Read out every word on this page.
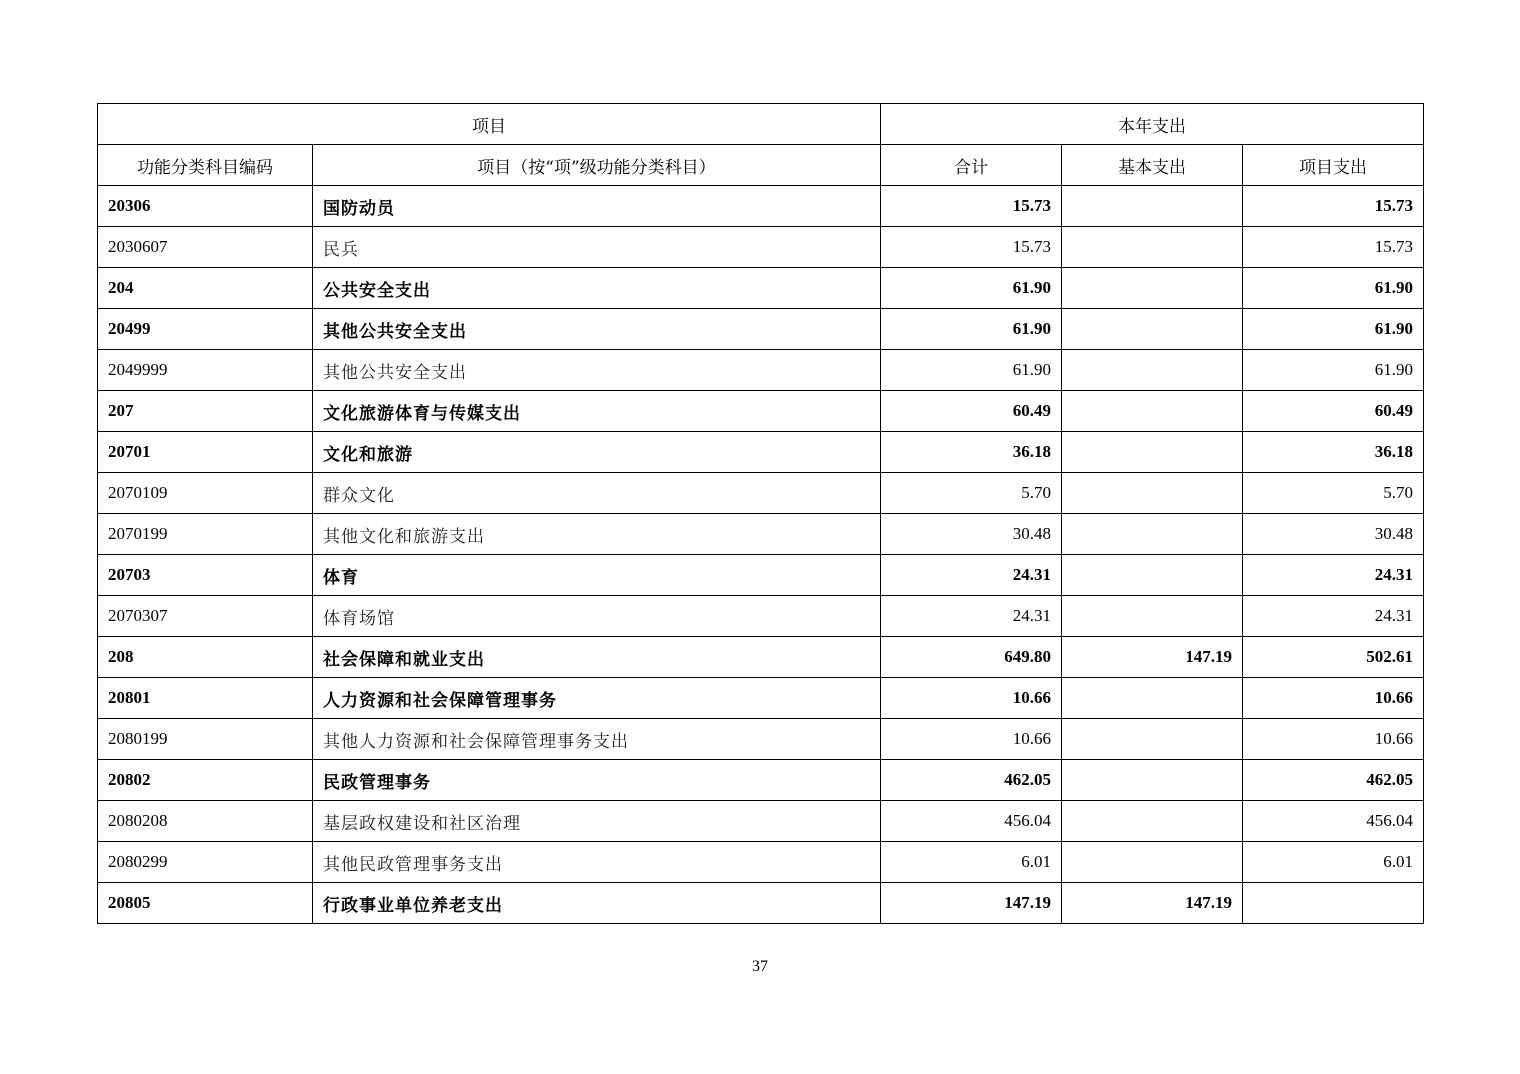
项目		本年支出		
功能分类科目编码	项目（按“项”级功能分类科目）	合计	基本支出	项目支出
20306	国防动员	15.73		15.73
2030607	民兵	15.73		15.73
204	公共安全支出	61.90		61.90
20499	其他公共安全支出	61.90		61.90
2049999	其他公共安全支出	61.90		61.90
207	文化旅游体育与传媒支出	60.49		60.49
20701	文化和旅游	36.18		36.18
2070109	群众文化	5.70		5.70
2070199	其他文化和旅游支出	30.48		30.48
20703	体育	24.31		24.31
2070307	体育场馆	24.31		24.31
208	社会保障和就业支出	649.80	147.19	502.61
20801	人力资源和社会保障管理事务	10.66		10.66
2080199	其他人力资源和社会保障管理事务支出	10.66		10.66
20802	民政管理事务	462.05		462.05
2080208	基层政权建设和社区治理	456.04		456.04
2080299	其他民政管理事务支出	6.01		6.01
20805	行政事业单位养老支出	147.19	147.19	
37
